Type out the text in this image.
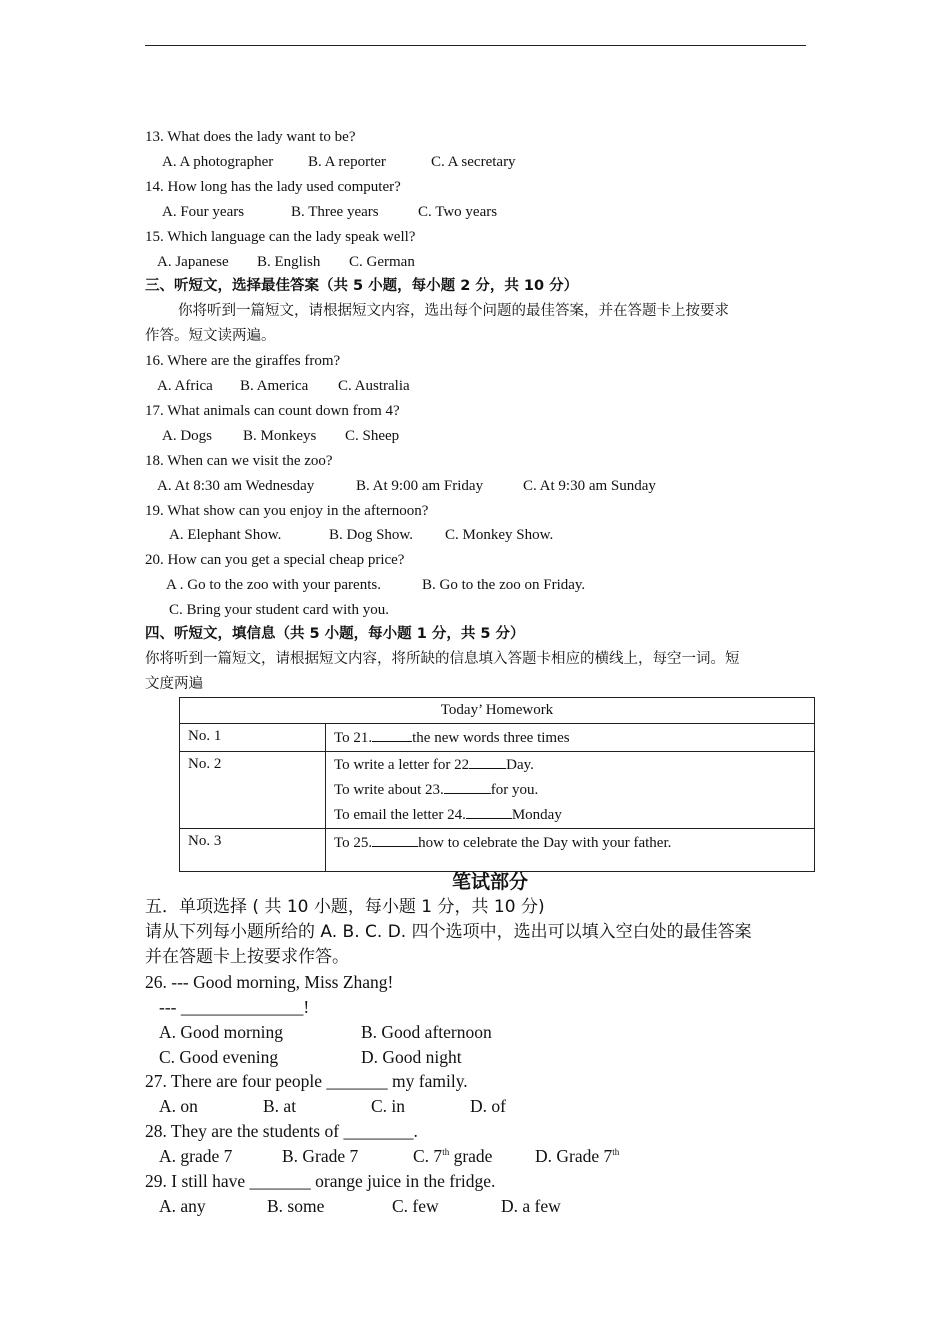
13. What does the lady want to be?
A. A photographer B. A reporter	C. A secretary
14. How long has the lady used computer?
A. Four years	B. Three years	C. Two years
15. Which language can the lady speak well?
A. Japanese B. English C. German
三、听短文，选择最佳答案（共 5 小题，每小题 2 分，共 10 分）
你将听到一篇短文，请根据短文内容，选出每个问题的最佳答案，并在答题卡上按要求
作答。短文读两遍。
16. Where are the giraffes from?
A. Africa B. America C. Australia
17. What animals can count down from 4?
A. Dogs B. Monkeys C. Sheep
18. When can we visit the zoo?
A. At 8:30 am Wednesday	B. At 9:00 am Friday	C. At 9:30 am Sunday
19. What show can you enjoy in the afternoon?
A. Elephant Show.	B. Dog Show. C. Monkey Show.
20. How can you get a special cheap price?
A . Go to the zoo with your parents.	B. Go to the zoo on Friday.
C. Bring your student card with you.
四、听短文，填信息（共 5 小题，每小题 1 分，共 5 分）
你将听到一篇短文，请根据短文内容，将所缺的信息填入答题卡相应的横线上，每空一词。短
文度两遍
Today’ Homework	
No. 1	To 21. the new words three times
No. 2	To write a letter for 22 Day.
To write about 23. for you.
To email the letter 24. Monday

No. 3	To 25. how to celebrate the Day with your father.
笔试部分
五．单项选择 ( 共 10 小题，每小题 1 分，共 10 分)
请从下列每小题所给的 A. B. C. D. 四个选项中，选出可以填入空白处的最佳答案
并在答题卡上按要求作答。
26. --- Good morning, Miss Zhang!
--- ______________!
A. Good morning	B. Good afternoon
C. Good evening	D. Good night
27. There are four people _______ my family.
A. on	B. at	C. in	D. of
28. They are the students of ________.
A. grade 7	B. Grade 7	C. 7th grade D. Grade 7th
29. I still have _______ orange juice in the fridge.
A. any	B. some	C. few	D. a few
